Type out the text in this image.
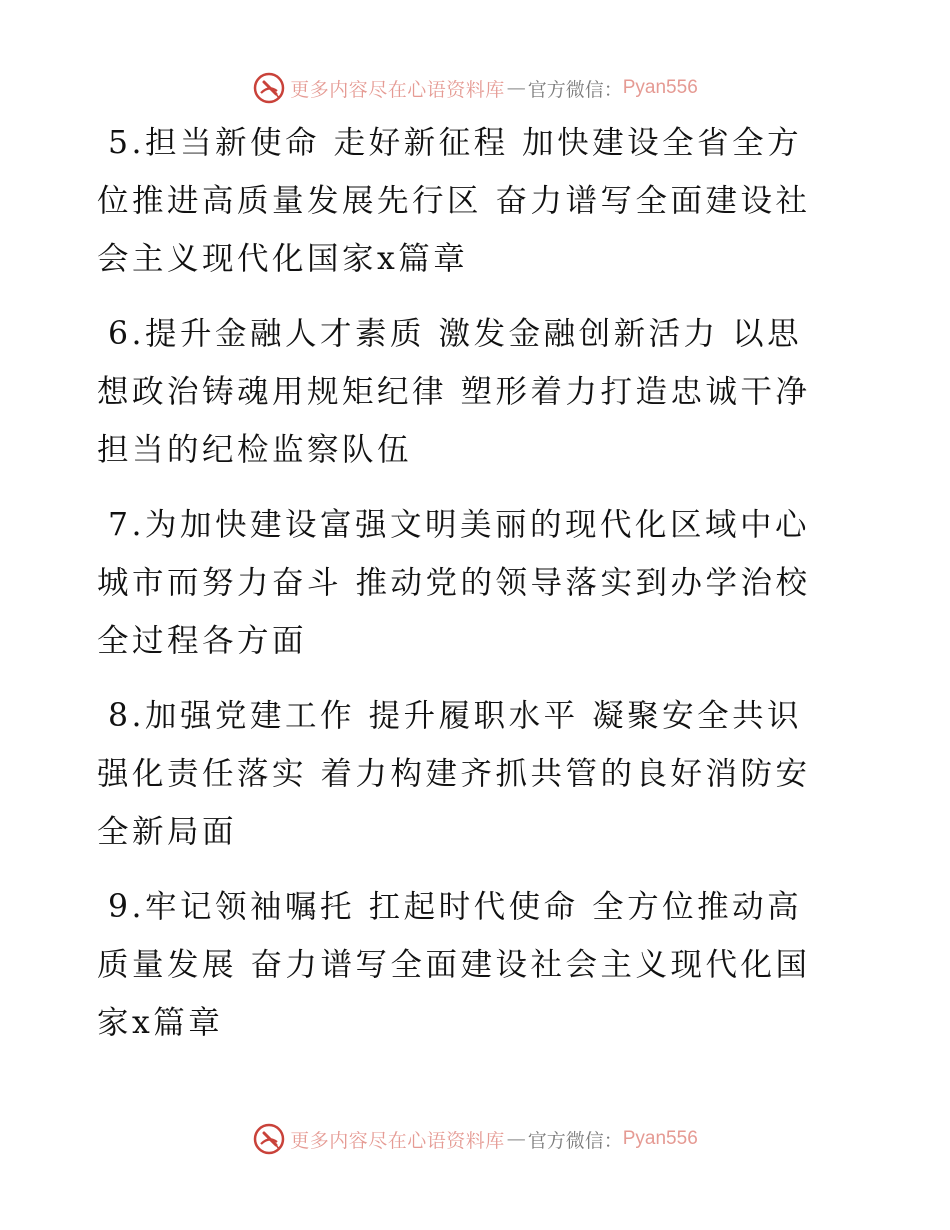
更多内容尽在心语资料库 — 官方微信： Pyan556

5.担当新使命 走好新征程 加快建设全省全方位推进高质量发展先行区 奋力谱写全面建设社会主义现代化国家x篇章

6.提升金融人才素质 激发金融创新活力 以思想政治铸魂用规矩纪律 塑形着力打造忠诚干净担当的纪检监察队伍

7.为加快建设富强文明美丽的现代化区域中心城市而努力奋斗 推动党的领导落实到办学治校全过程各方面

8.加强党建工作 提升履职水平 凝聚安全共识 强化责任落实 着力构建齐抓共管的良好消防安全新局面

9.牢记领袖嘱托 扛起时代使命 全方位推动高质量发展 奋力谱写全面建设社会主义现代化国家x篇章

更多内容尽在心语资料库 — 官方微信： Pyan556
